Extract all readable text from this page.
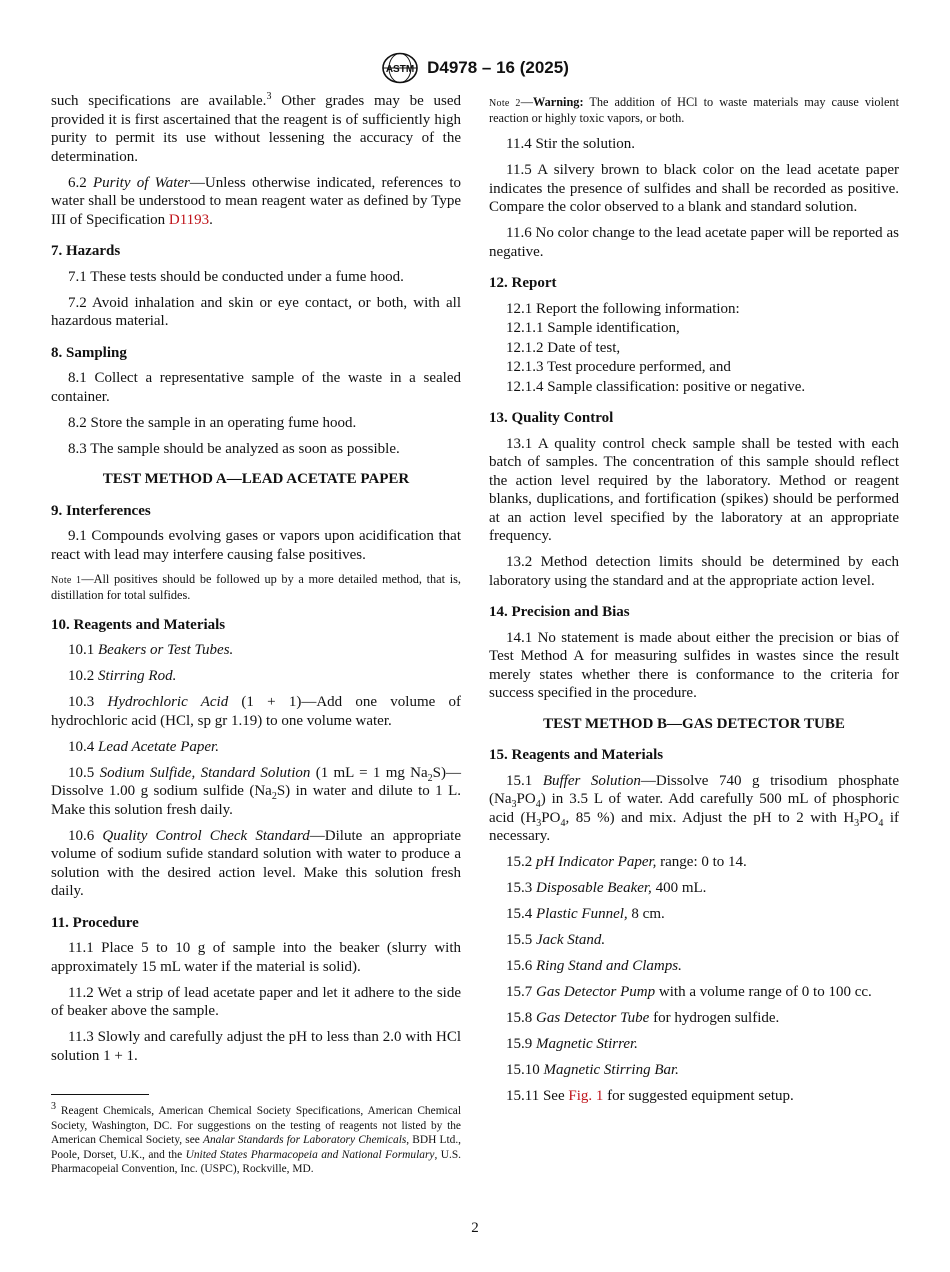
ASTM D4978 – 16 (2025)

such specifications are available.$^3$ Other grades may be used provided it is first ascertained that the reagent is of sufficiently high purity to permit its use without lessening the accuracy of the determination.

6.2 Purity of Water—Unless otherwise indicated, references to water shall be understood to mean reagent water as defined by Type III of Specification D1193.

7. Hazards

7.1 These tests should be conducted under a fume hood.

7.2 Avoid inhalation and skin or eye contact, or both, with all hazardous material.

8. Sampling

8.1 Collect a representative sample of the waste in a sealed container.

8.2 Store the sample in an operating fume hood.

8.3 The sample should be analyzed as soon as possible.

TEST METHOD A—LEAD ACETATE PAPER
9. Interferences

9.1 Compounds evolving gases or vapors upon acidification that react with lead may interfere causing false positives.

Note 1—All positives should be followed up by a more detailed method, that is, distillation for total sulfides.

10. Reagents and Materials

10.1 Beakers or Test Tubes.

10.2 Stirring Rod.

10.3 Hydrochloric Acid (1 + 1)—Add one volume of hydrochloric acid (HCl, sp gr 1.19) to one volume water.

10.4 Lead Acetate Paper.

10.5 Sodium Sulfide, Standard Solution (1 mL = 1 mg $Na_2S)—Dissolve$ 1.00 g sodium sulfide $(Na_2S)$ in water and dilute to 1 L. Make this solution fresh daily.

10.6 Quality Control Check Standard—Dilute an appropriate volume of sodium sufide standard solution with water to produce a solution with the desired action level. Make this solution fresh daily.

11. Procedure

11.1 Place 5 to 10 g of sample into the beaker (slurry with approximately 15 mL water if the material is solid).

11.2 Wet a strip of lead acetate paper and let it adhere to the side of beaker above the sample.

11.3 Slowly and carefully adjust the pH to less than 2.0 with HCl solution 1 + 1.

$^3$ Reagent Chemicals, American Chemical Society Specifications, American Chemical Society, Washington, DC. For suggestions on the testing of reagents not listed by the American Chemical Society, see Analar Standards for Laboratory Chemicals, BDH Ltd., Poole, Dorset, U.K., and the United States Pharmacopeia and National Formulary, U.S. Pharmacopeial Convention, Inc. (USPC), Rockville, MD.

Note 2—Warning: The addition of HCl to waste materials may cause violent reaction or highly toxic vapors, or both.

11.4 Stir the solution.

11.5 A silvery brown to black color on the lead acetate paper indicates the presence of sulfides and shall be recorded as positive. Compare the color observed to a blank and standard solution.

11.6 No color change to the lead acetate paper will be reported as negative.

12. Report
12.1 Report the following information:
12.1.1 Sample identification,
12.1.2 Date of test,
12.1.3 Test procedure performed, and
12.1.4 Sample classification: positive or negative.
13. Quality Control

13.1 A quality control check sample shall be tested with each batch of samples. The concentration of this sample should reflect the action level required by the laboratory. Method or reagent blanks, duplications, and fortification (spikes) should be performed at an action level specified by the laboratory at an appropriate frequency.

13.2 Method detection limits should be determined by each laboratory using the standard and at the appropriate action level.

14. Precision and Bias

14.1 No statement is made about either the precision or bias of Test Method A for measuring sulfides in wastes since the result merely states whether there is conformance to the criteria for success specified in the procedure.

TEST METHOD B—GAS DETECTOR TUBE
15. Reagents and Materials

15.1 Buffer Solution—Dissolve 740 g trisodium phosphate $(Na_3PO_4)$ in 3.5 L of water. Add carefully 500 mL of phosphoric acid ($H_3PO_4$, 85 %) and mix. Adjust the pH to 2 with $H_3PO_4$ if necessary.

15.2 pH Indicator Paper, range: 0 to 14.

15.3 Disposable Beaker, 400 mL.

15.4 Plastic Funnel, 8 cm.

15.5 Jack Stand.

15.6 Ring Stand and Clamps.

15.7 Gas Detector Pump with a volume range of 0 to 100 cc.

15.8 Gas Detector Tube for hydrogen sulfide.

15.9 Magnetic Stirrer.

15.10 Magnetic Stirring Bar.

15.11 See Fig. 1 for suggested equipment setup.

2
